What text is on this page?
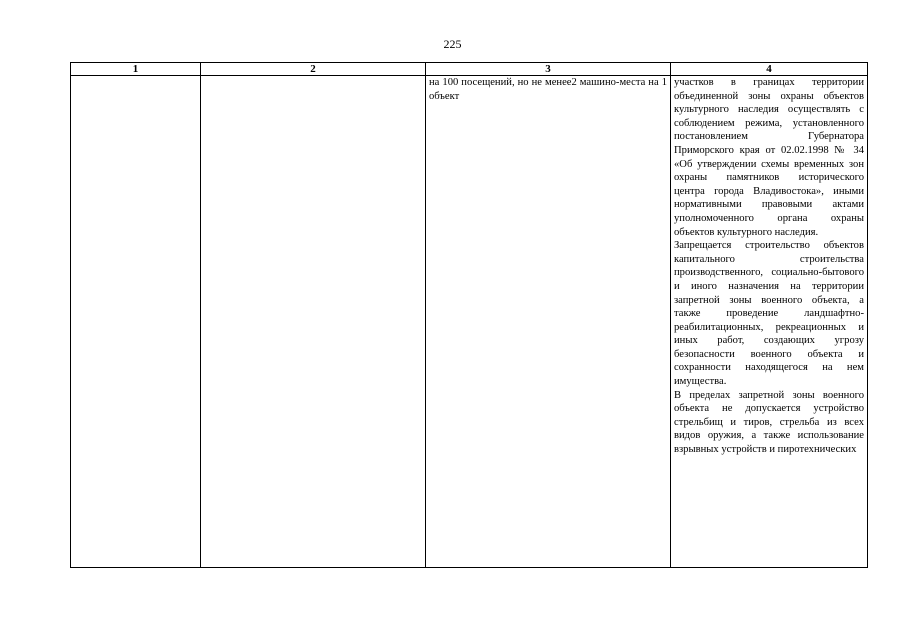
225
1	2	3	4

		на 100 посещений, но не менее2 машино-места на 1 объект	участков в границах территории объединенной зоны охраны объектов культурного наследия осуществлять с соблюдением режима, установленного постановлением Губернатора Приморского края от 02.02.1998 № 34 «Об утверждении схемы временных зон охраны памятников исторического центра города Владивостока», иными нормативными правовыми актами уполномоченного органа охраны объектов культурного наследия.
Запрещается строительство объектов капитального строительства производственного, социально-бытового и иного назначения на территории запретной зоны военного объекта, а также проведение ландшафтно-реабилитационных, рекреационных и иных работ, создающих угрозу безопасности военного объекта и сохранности находящегося на нем имущества.
В пределах запретной зоны военного объекта не допускается устройство стрельбищ и тиров, стрельба из всех видов оружия, а также использование взрывных устройств и пиротехнических
